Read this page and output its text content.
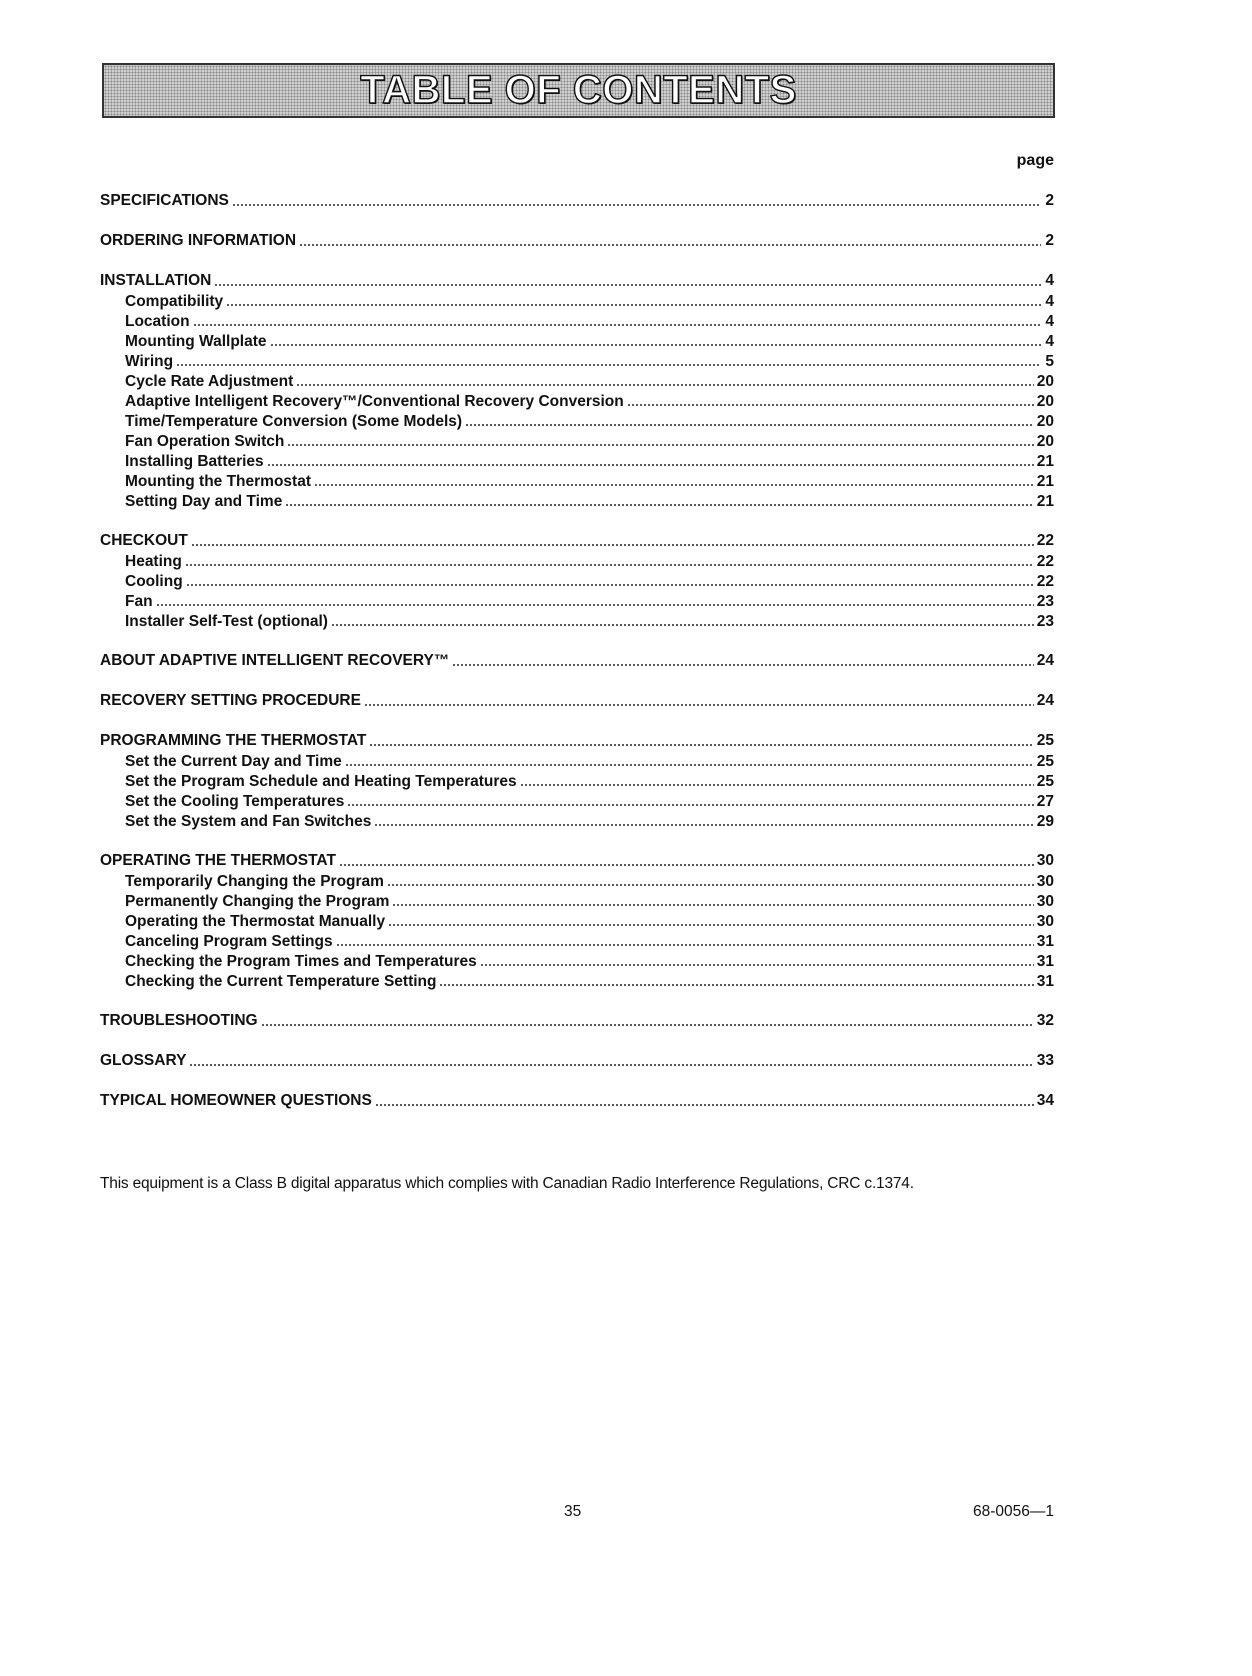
TABLE OF CONTENTS
page
SPECIFICATIONS	2
ORDERING INFORMATION	2
INSTALLATION	4
Compatibility	4
Location	4
Mounting Wallplate	4
Wiring	5
Cycle Rate Adjustment	20
Adaptive Intelligent Recovery™/Conventional Recovery Conversion	20
Time/Temperature Conversion (Some Models)	20
Fan Operation Switch	20
Installing Batteries	21
Mounting the Thermostat	21
Setting Day and Time	21
CHECKOUT	22
Heating	22
Cooling	22
Fan	23
Installer Self-Test (optional)	23
ABOUT ADAPTIVE INTELLIGENT RECOVERY™	24
RECOVERY SETTING PROCEDURE	24
PROGRAMMING THE THERMOSTAT	25
Set the Current Day and Time	25
Set the Program Schedule and Heating Temperatures	25
Set the Cooling Temperatures	27
Set the System and Fan Switches	29
OPERATING THE THERMOSTAT	30
Temporarily Changing the Program	30
Permanently Changing the Program	30
Operating the Thermostat Manually	30
Canceling Program Settings	31
Checking the Program Times and Temperatures	31
Checking the Current Temperature Setting	31
TROUBLESHOOTING	32
GLOSSARY	33
TYPICAL HOMEOWNER QUESTIONS	34
This equipment is a Class B digital apparatus which complies with Canadian Radio Interference Regulations, CRC c.1374.
35	68-0056—1
